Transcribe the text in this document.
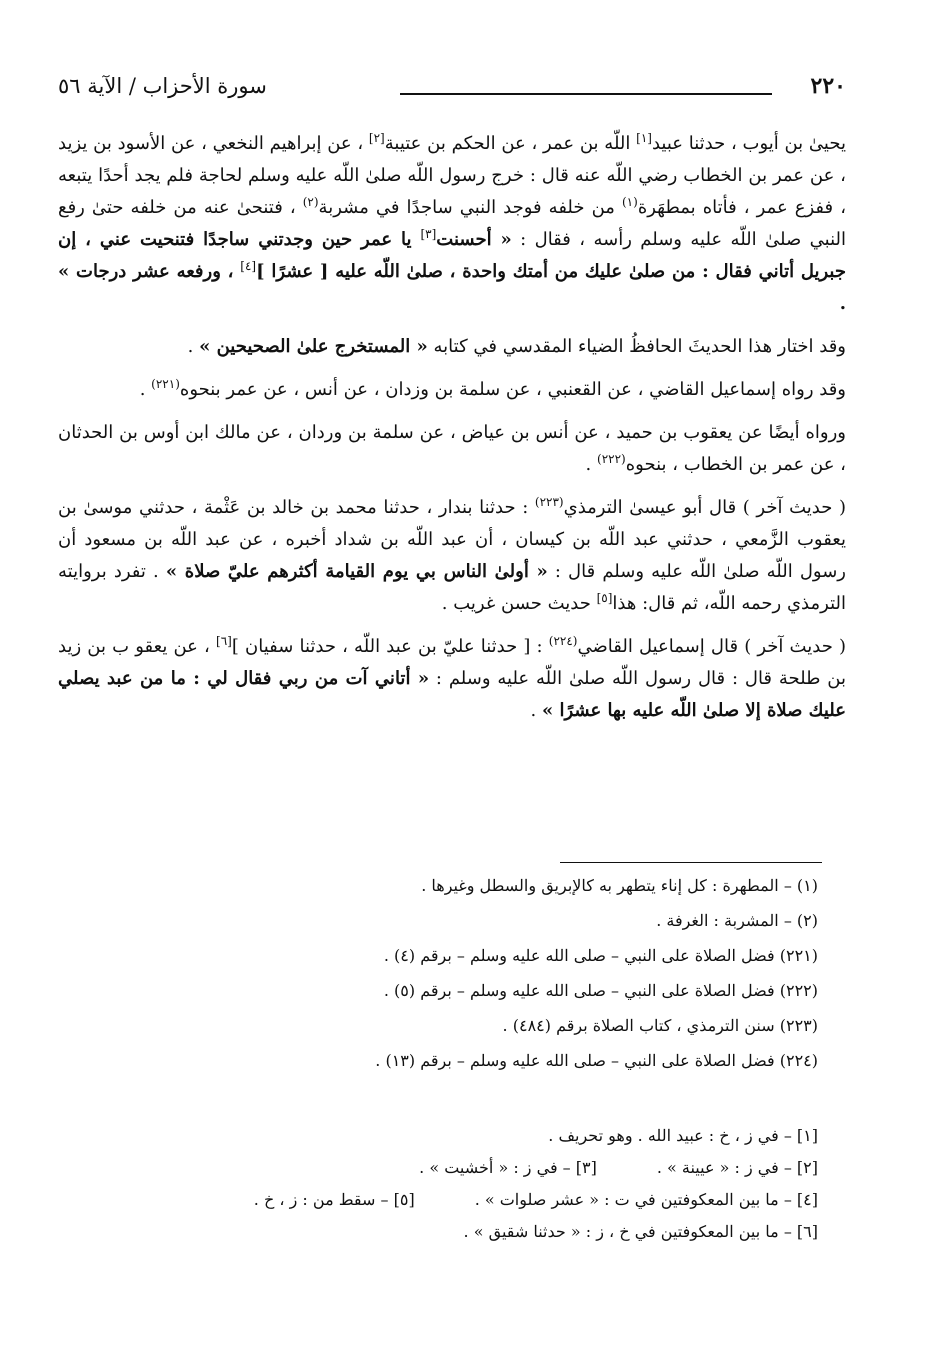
٢٢٠
سورة الأحزاب / الآية ٥٦

يحيىٰ بن أيوب ، حدثنا عبيد[١] اللّه بن عمر ، عن الحكم بن عتيبة[٢] ، عن إبراهيم النخعي ، عن الأسود بن يزيد ، عن عمر بن الخطاب رضي اللّه عنه قال : خرج رسول اللّه صلىٰ اللّه عليه وسلم لحاجة فلم يجد أحدًا يتبعه ، ففزع عمر ، فأتاه بمطهَرة$^{(١)}$ من خلفه فوجد النبي ساجدًا في مشربة$^{(٢)}$ ، فتنحىٰ عنه من خلفه حتىٰ رفع النبي صلىٰ اللّه عليه وسلم رأسه ، فقال : « أحسنت[٣] يا عمر حين وجدتني ساجدًا فتنحيت عني ، إن جبريل أتاني فقال : من صلىٰ عليك من أمتك واحدة ، صلىٰ اللّه عليه [ عشرًا ][٤] ، ورفعه عشر درجات » .

وقد اختار هذا الحديثَ الحافظُ الضياء المقدسي في كتابه « المستخرج علىٰ الصحيحين » .

وقد رواه إسماعيل القاضي ، عن القعنبي ، عن سلمة بن وزدان ، عن أنس ، عن عمر بنحوه$^{(٢٢١)}$ .

ورواه أيضًا عن يعقوب بن حميد ، عن أنس بن عياض ، عن سلمة بن وردان ، عن مالك ابن أوس بن الحدثان ، عن عمر بن الخطاب ، بنحوه$^{(٢٢٢)}$ .

( حديث آخر ) قال أبو عيسىٰ الترمذي$^{(٢٢٣)}$ : حدثنا بندار ، حدثنا محمد بن خالد بن عَثْمة ، حدثني موسىٰ بن يعقوب الزَّمعي ، حدثني عبد اللّه بن كيسان ، أن عبد اللّه بن شداد أخبره ، عن عبد اللّه بن مسعود أن رسول اللّه صلىٰ اللّه عليه وسلم قال : « أولىٰ الناس بي يوم القيامة أكثرهم عليّ صلاة » . تفرد بروايته الترمذي رحمه اللّه، ثم قال: هذا[٥] حديث حسن غريب .

( حديث آخر ) قال إسماعيل القاضي$^{(٢٢٤)}$ : [ حدثنا عليّ بن عبد اللّه ، حدثنا سفيان ][٦] ، عن يعقو ب بن زيد بن طلحة قال : قال رسول اللّه صلىٰ اللّه عليه وسلم : « أتاني آت من ربي فقال لي : ما من عبد يصلي عليك صلاة إلا صلىٰ اللّه عليه بها عشرًا » .

(١) – المطهرة : كل إناء يتطهر به كالإبريق والسطل وغيرها .

(٢) – المشربة : الغرفة .

(٢٢١) فضل الصلاة على النبي – صلى الله عليه وسلم – برقم (٤) .

(٢٢٢) فضل الصلاة على النبي – صلى الله عليه وسلم – برقم (٥) .

(٢٢٣) سنن الترمذي ، كتاب الصلاة برقم (٤٨٤) .

(٢٢٤) فضل الصلاة على النبي – صلى الله عليه وسلم – برقم (١٣) .

[١] – في ز ، خ : عبيد الله . وهو تحريف .

[٢] – في ز : « عيينة » .

[٣] – في ز : « أخشيت » .

[٤] – ما بين المعكوفتين في ت : « عشر صلوات » .

[٥] – سقط من : ز ، خ .

[٦] – ما بين المعكوفتين في خ ، ز : « حدثنا شقيق » .
